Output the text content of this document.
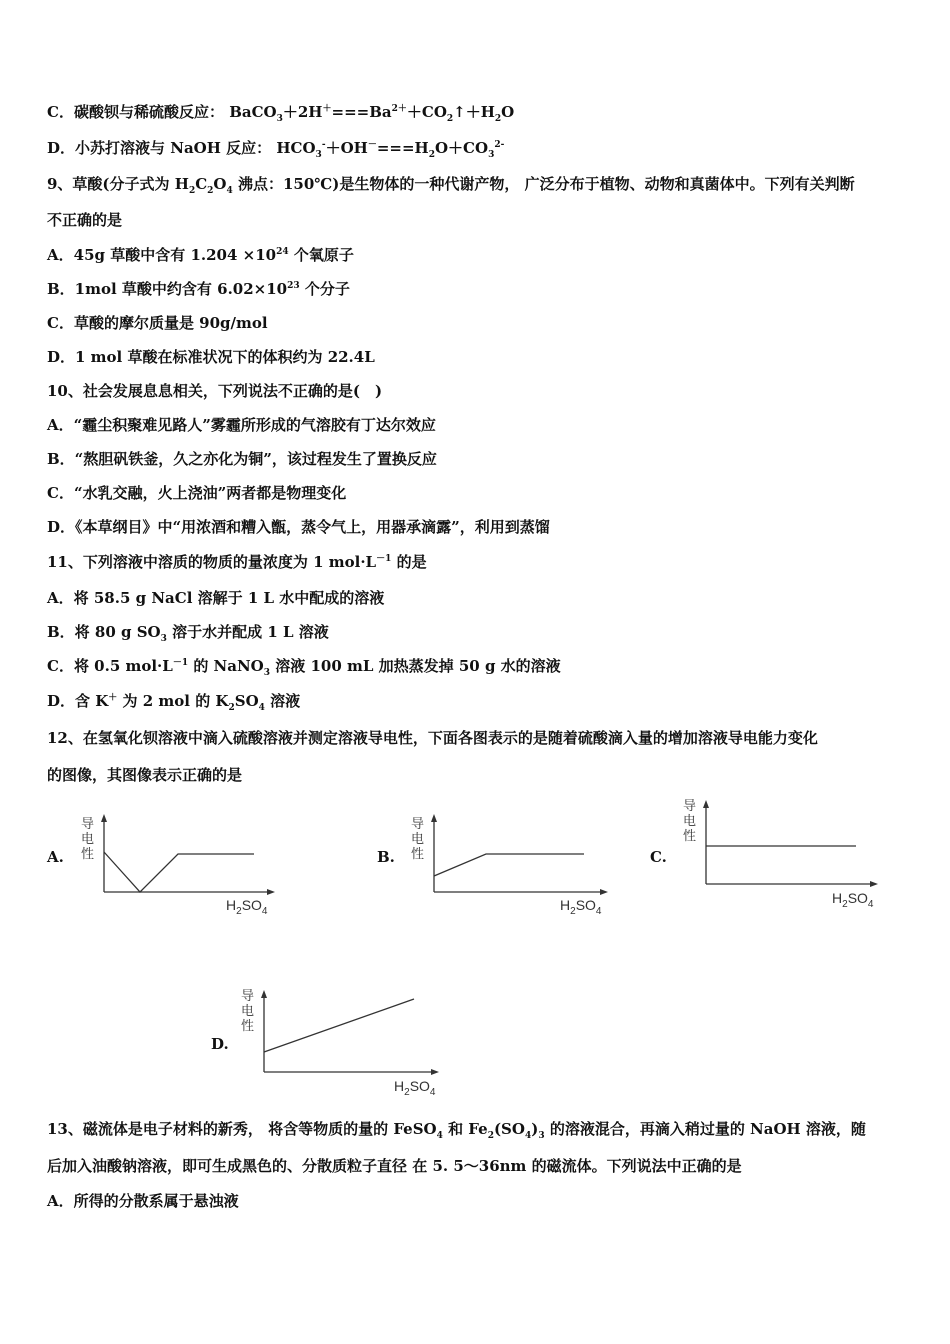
C．碳酸钡与稀硫酸反应： $BaCO_3+2H^+===Ba^{2+}+CO_2↑+H_2O$
D．小苏打溶液与 NaOH 反应： $HCO_3^-+OH^-===H_2O+CO_3^{2-}$
9、草酸(分子式为 $H_2C_2O_4$ 沸点：150℃)是生物体的一种代谢产物， 广泛分布于植物、动物和真菌体中。下列有关判断
不正确的是
A．45g 草酸中含有 $1.204 \times 10^{24}$ 个氧原子
B．1mol 草酸中约含有 $6.02\times 10^{23}$ 个分子
C．草酸的摩尔质量是 90g/mol
D．1 mol 草酸在标准状况下的体积约为 22.4L
10、社会发展息息相关，下列说法不正确的是(　)
A．“霾尘积聚难见路人”雾霾所形成的气溶胶有丁达尔效应
B．“熬胆矾铁釜，久之亦化为铜”，该过程发生了置换反应
C．“水乳交融，火上浇油”两者都是物理变化
D．《本草纲目》中“用浓酒和糟入甑，蒸令气上，用器承滴露”，利用到蒸馏
11、下列溶液中溶质的物质的量浓度为 1 $mol\cdot L^{-1}$ 的是
A．将 58.5 g NaCl 溶解于 1 L 水中配成的溶液
B．将 80 g $SO_3$ 溶于水并配成 1 L 溶液
C．将 0.5 $mol\cdot L^{-1}$ 的 NaNO$_3$ 溶液 100 mL 加热蒸发掉 50 g 水的溶液
D．含 K＋ 为 2 mol 的 $K_2SO_4$ 溶液
12、在氢氧化钡溶液中滴入硫酸溶液并测定溶液导电性，下面各图表示的是随着硫酸滴入量的增加溶液导电能力变化
的图像，其图像表示正确的是
A.
导
电
性
$H_2SO_4$
B.
导
电
性
$H_2SO_4$
C.
导
电
性
$H_2SO_4$
D.
导
电
性
$H_2SO_4$
13、磁流体是电子材料的新秀， 将含等物质的量的 FeSO$_4$ 和 $Fe_2(SO_4)_3$ 的溶液混合，再滴入稍过量的 NaOH 溶液，随
后加入油酸钠溶液，即可生成黑色的、分散质粒子直径 在 5. 5～36nm 的磁流体。下列说法中正确的是
A．所得的分散系属于悬浊液
